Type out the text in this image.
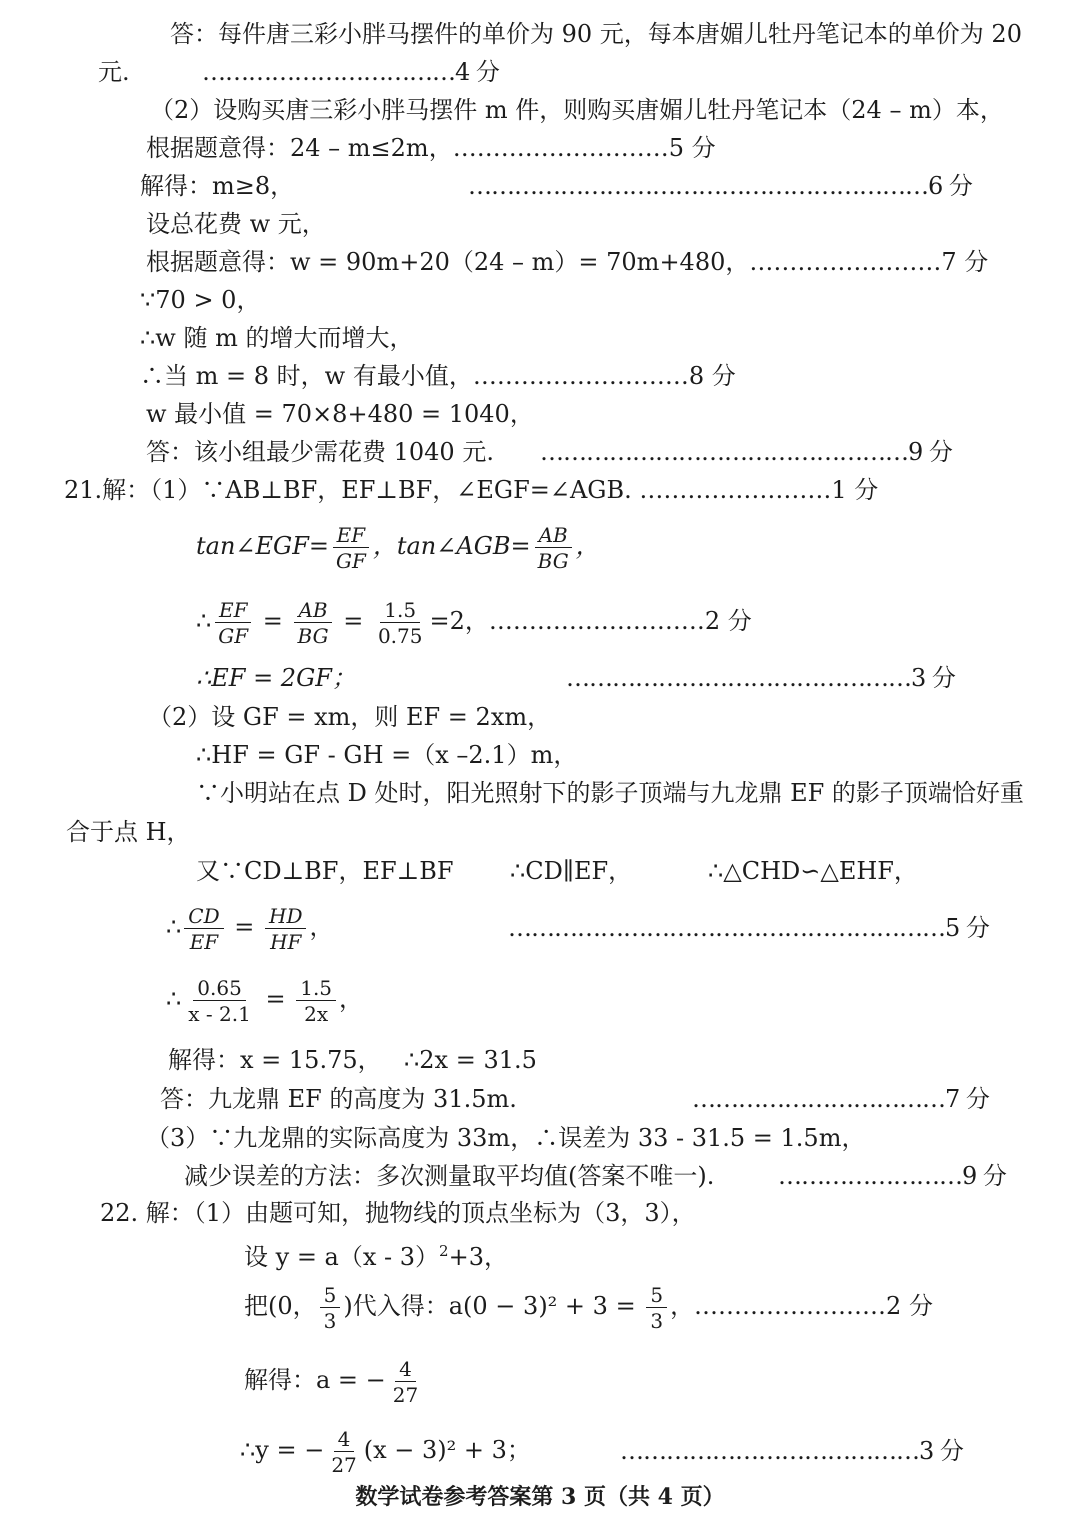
答：每件唐三彩小胖马摆件的单价为 90 元，每本唐媚儿牡丹笔记本的单价为 20
元.	……………………………4 分
（2）设购买唐三彩小胖马摆件 m 件，则购买唐媚儿牡丹笔记本（24 – m）本，
根据题意得：24 – m≤2m，………………………5 分
解得：m≥8，	……………………………………………………6 分
设总花费 w 元，
根据题意得：w = 90m+20（24 – m）= 70m+480，……………………7 分
∵70 > 0，
∴w 随 m 的增大而增大，
∴当 m = 8 时，w 有最小值，………………………8 分
w 最小值 = 70×8+480 = 1040，
答：该小组最少需花费 1040 元. …………………………………………9 分
21.解：（1）∵AB⊥BF，EF⊥BF，∠EGF=∠AGB. ……………………1 分
tan∠EGF= $\frac{EF}{GF}$ ，tan∠AGB= $\frac{AB}{BG}$ ，
∴ $\frac{EF}{GF} = \frac{AB}{BG} = \frac{1.5}{0.75} =2$，………………………2 分
∴EF = 2GF；	………………………………………3 分
（2）设 GF = xm，则 EF = 2xm，
∴HF = GF - GH =（x –2.1）m，
∵小明站在点 D 处时，阳光照射下的影子顶端与九龙鼎 EF 的影子顶端恰好重
合于点 H，
又∵CD⊥BF，EF⊥BF ∴CD∥EF，	∴△CHD∽△EHF，
∴ $\frac{CD}{EF} = \frac{HD}{HF}$ ，	…………………………………………………5 分
∴ $\frac{0.65}{x - 2.1} = \frac{1.5}{2x}$ ，
解得：x = 15.75， ∴2x = 31.5
答：九龙鼎 EF 的高度为 31.5m.	……………………………7 分
（3）∵九龙鼎的实际高度为 33m，∴误差为 33 - 31.5 = 1.5m，
减少误差的方法：多次测量取平均值(答案不唯一).	……………………9 分
22. 解：（1）由题可知，抛物线的顶点坐标为（3，3），
设 y = a（x - 3）$^2$+3，
把(0， $\frac{5}{3}$ )代入得：$a(0 - 3)^2 + 3 = \frac{5}{3}$ ，……………………2 分
解得：a = − $\frac{4}{27}$
∴y = − $\frac{4}{27} (x - 3)^2 + 3$；	…………………………………3 分
数学试卷参考答案第 3 页（共 4 页）
